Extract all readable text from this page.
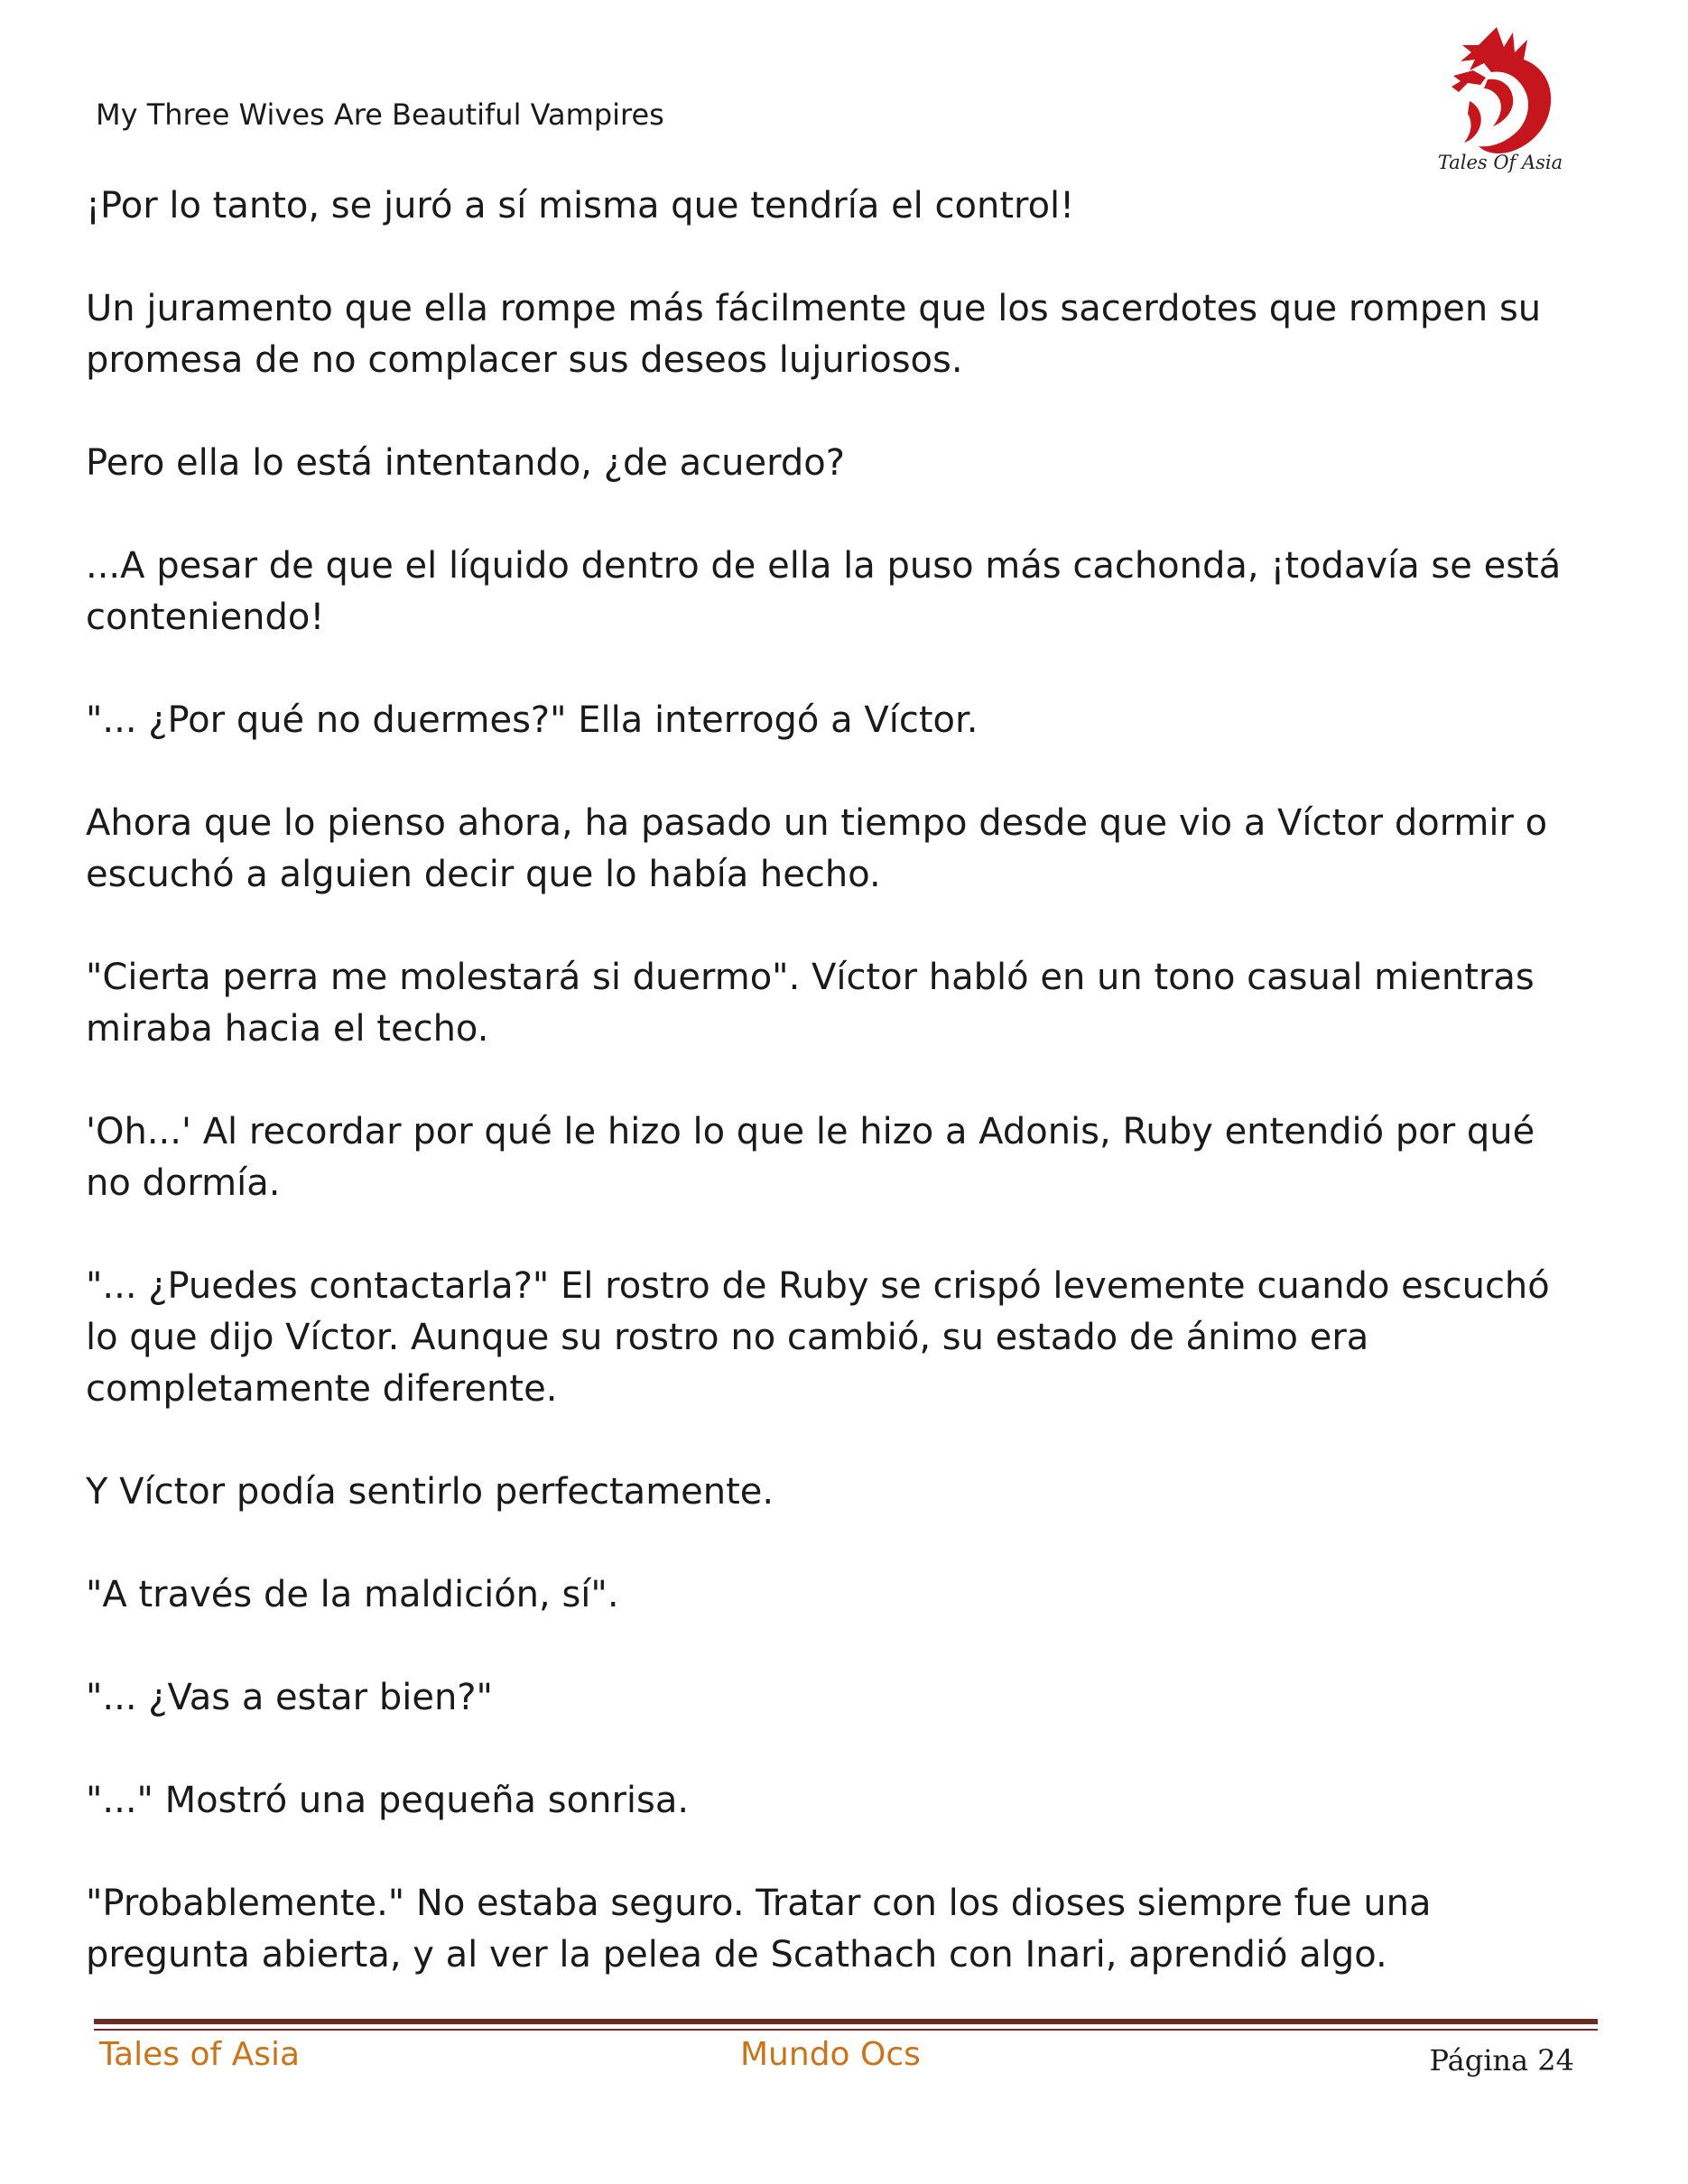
My Three Wives Are Beautiful Vampires
Tales Of Asia

¡Por lo tanto, se juró a sí misma que tendría el control!

Un juramento que ella rompe más fácilmente que los sacerdotes que rompen su promesa de no complacer sus deseos lujuriosos.

Pero ella lo está intentando, ¿de acuerdo?

...A pesar de que el líquido dentro de ella la puso más cachonda, ¡todavía se está conteniendo!

"... ¿Por qué no duermes?" Ella interrogó a Víctor.

Ahora que lo pienso ahora, ha pasado un tiempo desde que vio a Víctor dormir o escuchó a alguien decir que lo había hecho.

"Cierta perra me molestará si duermo". Víctor habló en un tono casual mientras miraba hacia el techo.

'Oh...' Al recordar por qué le hizo lo que le hizo a Adonis, Ruby entendió por qué no dormía.

"... ¿Puedes contactarla?" El rostro de Ruby se crispó levemente cuando escuchó lo que dijo Víctor. Aunque su rostro no cambió, su estado de ánimo era completamente diferente.

Y Víctor podía sentirlo perfectamente.

"A través de la maldición, sí".

"... ¿Vas a estar bien?"

"..." Mostró una pequeña sonrisa.

"Probablemente." No estaba seguro. Tratar con los dioses siempre fue una pregunta abierta, y al ver la pelea de Scathach con Inari, aprendió algo.

Tales of Asia	Mundo Ocs	Página 24
